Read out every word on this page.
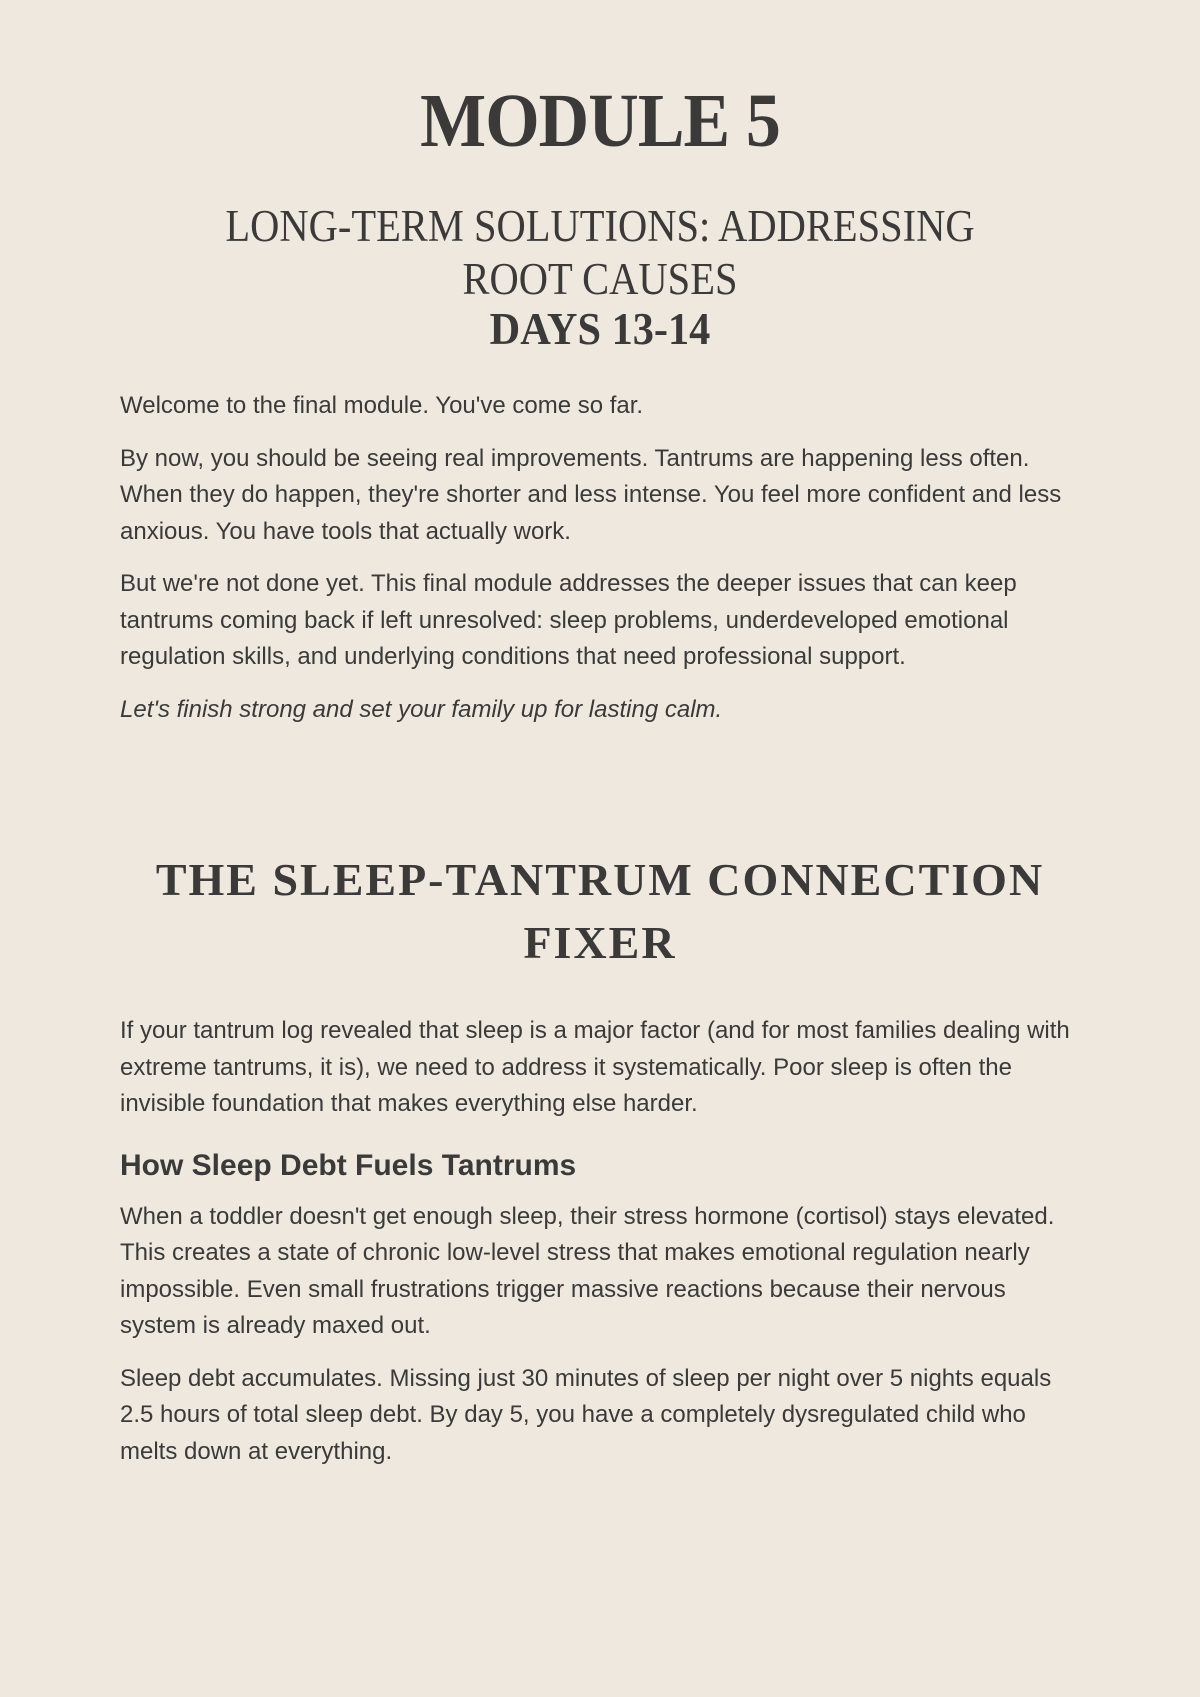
MODULE 5
LONG-TERM SOLUTIONS: ADDRESSING ROOT CAUSES
DAYS 13-14

Welcome to the final module. You've come so far.

By now, you should be seeing real improvements. Tantrums are happening less often. When they do happen, they're shorter and less intense. You feel more confident and less anxious. You have tools that actually work.

But we're not done yet. This final module addresses the deeper issues that can keep tantrums coming back if left unresolved: sleep problems, underdeveloped emotional regulation skills, and underlying conditions that need professional support.

Let's finish strong and set your family up for lasting calm.

THE SLEEP-TANTRUM CONNECTION FIXER

If your tantrum log revealed that sleep is a major factor (and for most families dealing with extreme tantrums, it is), we need to address it systematically. Poor sleep is often the invisible foundation that makes everything else harder.

How Sleep Debt Fuels Tantrums

When a toddler doesn't get enough sleep, their stress hormone (cortisol) stays elevated. This creates a state of chronic low-level stress that makes emotional regulation nearly impossible. Even small frustrations trigger massive reactions because their nervous system is already maxed out.

Sleep debt accumulates. Missing just 30 minutes of sleep per night over 5 nights equals 2.5 hours of total sleep debt. By day 5, you have a completely dysregulated child who melts down at everything.
